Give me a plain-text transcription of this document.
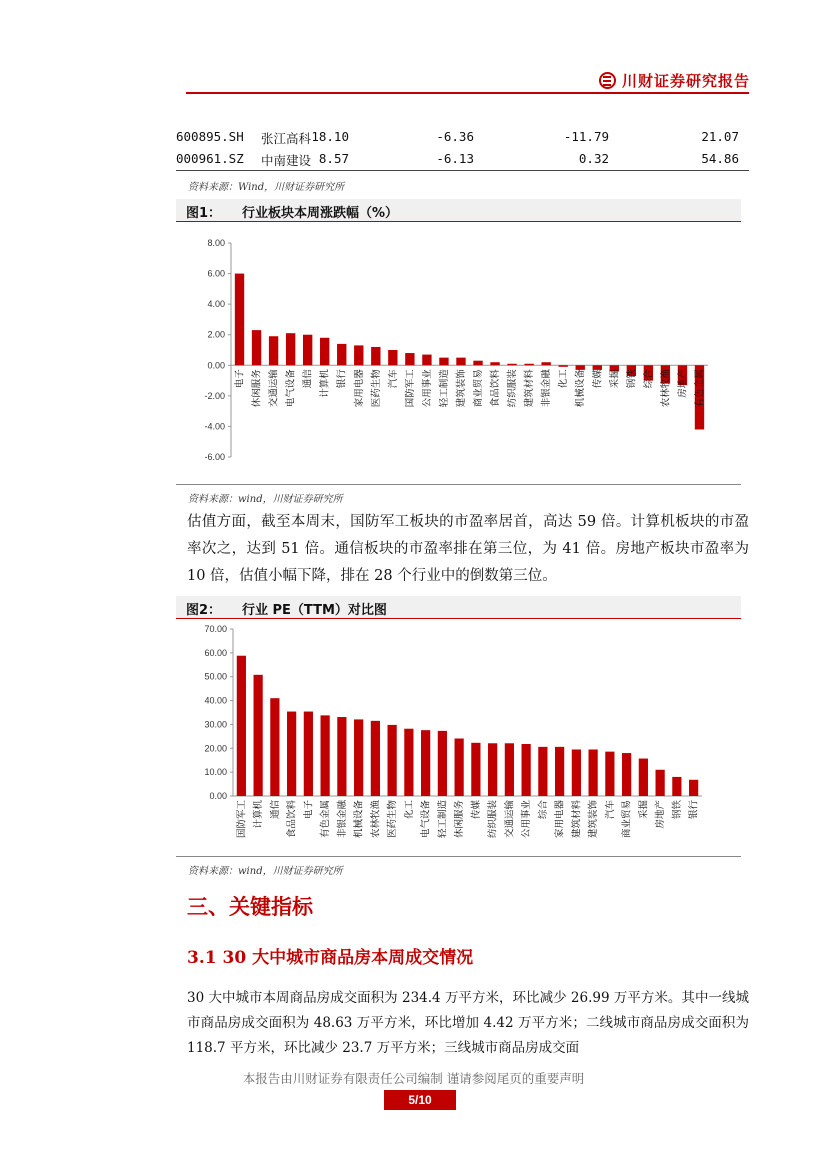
川财证券研究报告
600895.SH 张江高科 18.10	-6.36	-11.79	21.07
000961.SZ 中南建设 8.57	-6.13	0.32	54.86
资料来源：Wind，川财证券研究所
图1： 行业板块本周涨跌幅（%）
8.00
6.00
4.00
2.00
0.00
-2.00
-4.00
-6.00
电子 休闲服务 交通运输 电气设备 通信 计算机 银行 家用电器 医药生物 汽车 国防军工 公用事业 轻工制造 建筑装饰 商业贸易 食品饮料 纺织服装 建筑材料 非银金融 化工 机械设备 传媒 采掘 钢铁 综合 农林牧渔 房地产 有色金属
资料来源：wind，川财证券研究所
估值方面，截至本周末，国防军工板块的市盈率居首，高达 59 倍。计算机板块的市盈率次之，达到 51 倍。通信板块的市盈率排在第三位，为 41 倍。房地产板块市盈率为 10 倍，估值小幅下降，排在 28 个行业中的倒数第三位。
图2： 行业 PE（TTM）对比图
70.00
60.00
50.00
40.00
30.00
20.00
10.00
0.00
国防军工 计算机 通信 食品饮料 电子 有色金属 非银金融 机械设备 农林牧渔 医药生物 化工 电气设备 轻工制造 休闲服务 传媒 纺织服装 交通运输 公用事业 综合 家用电器 建筑材料 建筑装饰 汽车 商业贸易 采掘 房地产 钢铁 银行
资料来源：wind，川财证券研究所
三、关键指标
3.1 30 大中城市商品房本周成交情况
30 大中城市本周商品房成交面积为 234.4 万平方米，环比减少 26.99 万平方米。其中一线城市商品房成交面积为 48.63 万平方米，环比增加 4.42 万平方米；二线城市商品房成交面积为 118.7 平方米，环比减少 23.7 万平方米；三线城市商品房成交面
本报告由川财证券有限责任公司编制 谨请参阅尾页的重要声明
5/10
